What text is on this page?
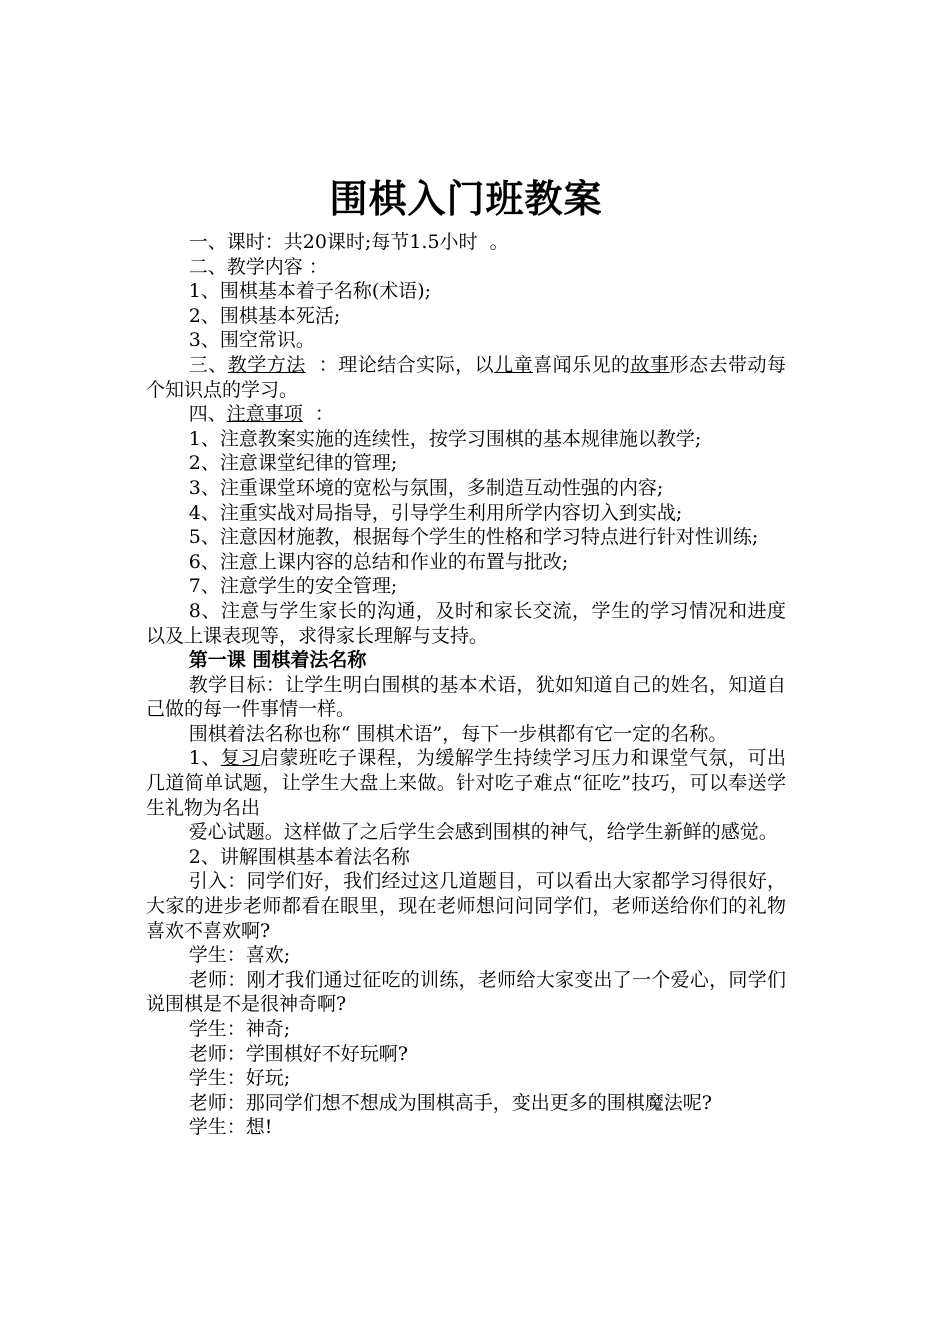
围棋入门班教案

一、课时：共20课时;每节1.5小时  。

二、教学内容 ：

1、围棋基本着子名称(术语);

2、围棋基本死活;

3、围空常识。

三、教学方法  ：理论结合实际，以儿童喜闻乐见的故事形态去带动每个知识点的学习。

四、注意事项  ：

1、注意教案实施的连续性，按学习围棋的基本规律施以教学;

2、注意课堂纪律的管理;

3、注重课堂环境的宽松与氛围，多制造互动性强的内容;

4、注重实战对局指导，引导学生利用所学内容切入到实战;

5、注意因材施教，根据每个学生的性格和学习特点进行针对性训练;

6、注意上课内容的总结和作业的布置与批改;

7、注意学生的安全管理;

8、注意与学生家长的沟通，及时和家长交流，学生的学习情况和进度以及上课表现等，求得家长理解与支持。

第一课 围棋着法名称

教学目标：让学生明白围棋的基本术语，犹如知道自己的姓名，知道自己做的每一件事情一样。

围棋着法名称也称“ 围棋术语”，每下一步棋都有它一定的名称。

1、复习启蒙班吃子课程，为缓解学生持续学习压力和课堂气氛，可出几道简单试题，让学生大盘上来做。针对吃子难点“征吃”技巧，可以奉送学生礼物为名出

爱心试题。这样做了之后学生会感到围棋的神气，给学生新鲜的感觉。

2、讲解围棋基本着法名称

引入：同学们好，我们经过这几道题目，可以看出大家都学习得很好，大家的进步老师都看在眼里，现在老师想问问同学们，老师送给你们的礼物喜欢不喜欢啊?

学生：喜欢;

老师：刚才我们通过征吃的训练，老师给大家变出了一个爱心，同学们说围棋是不是很神奇啊?

学生：神奇;

老师：学围棋好不好玩啊?

学生：好玩;

老师：那同学们想不想成为围棋高手，变出更多的围棋魔法呢?

学生：想!
